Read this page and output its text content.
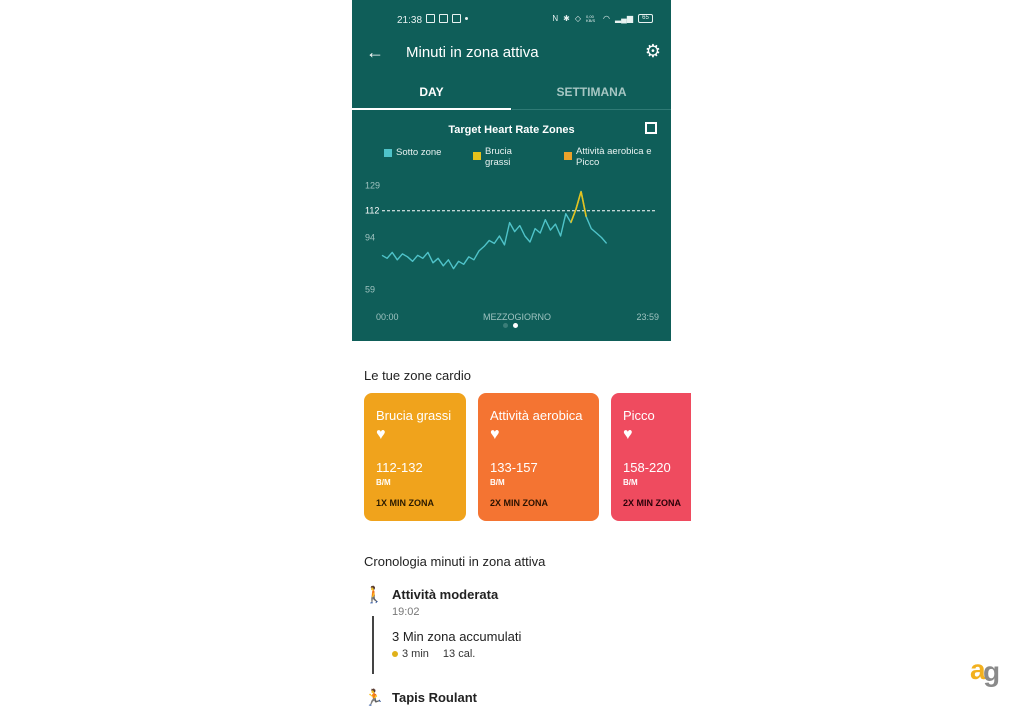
21:38	N ✱ ◇ 0,00 KB/S ◠ ▂▄▆	65
← Minuti in zona attiva	⚙
DAY	SETTIMANA
Target Heart Rate Zones
Sotto zone	Brucia grassi
Attività aerobica e Picco
129
112
94
59
00:00	MEZZOGIORNO	23:59
Le tue zone cardio
Brucia grassi
♥
112-132
B/M
1X MIN ZONA
Attività aerobica
♥
133-157
B/M
2X MIN ZONA
Picco
♥
158-220
B/M
2X MIN ZONA
Cronologia minuti in zona attiva
🚶 Attività moderata
19:02
3 Min zona accumulati
3 min 13 cal.
🏃 Tapis Roulant
a
g
